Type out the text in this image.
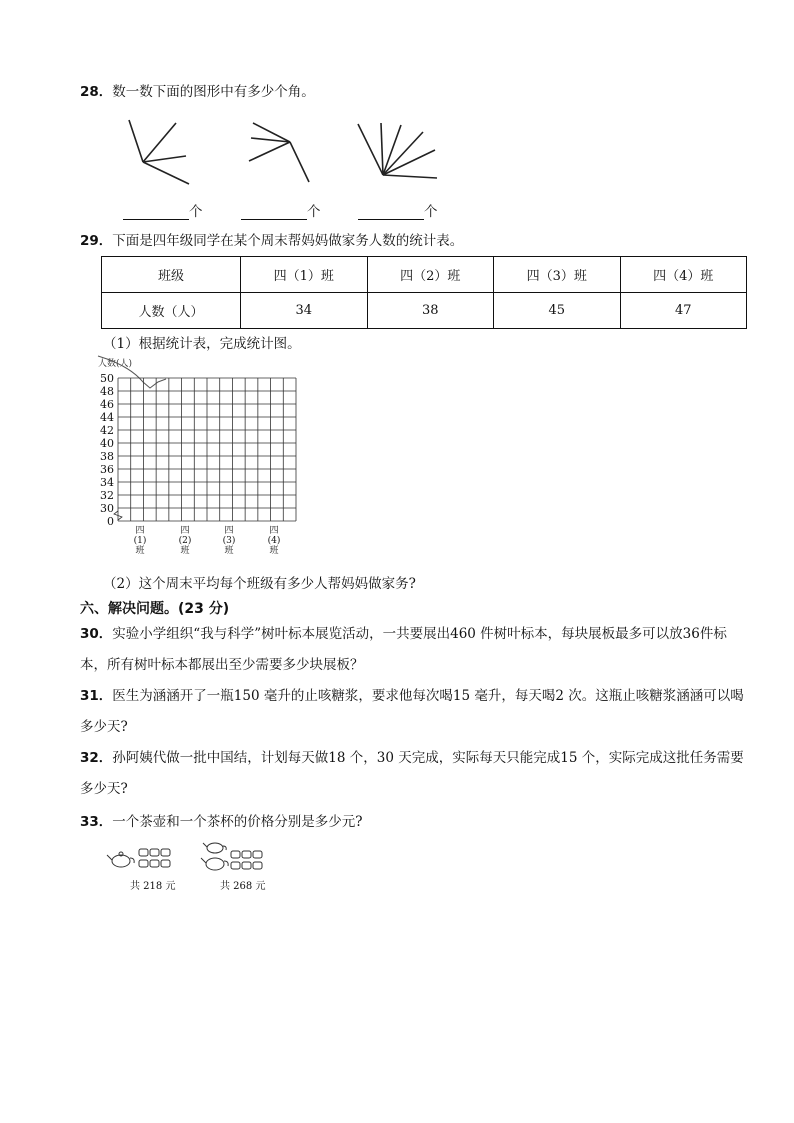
28．数一数下面的图形中有多少个角。
个	个	个
29．下面是四年级同学在某个周末帮妈妈做家务人数的统计表。
班级	四（1）班	四（2）班	四（3）班	四（4）班
人数（人）	34	38	45	47
（1）根据统计表，完成统计图。
人数(人)
50
48
46
44
42
40
38
36
34
32
30
0
四
(1)
班
四
(2)
班
四
(3)
班
四
(4)
班
（2）这个周末平均每个班级有多少人帮妈妈做家务?
六、解决问题。(23 分)
30．实验小学组织“我与科学”树叶标本展览活动，一共要展出460 件树叶标本，每块展板最多可以放36件标本，所有树叶标本都展出至少需要多少块展板？
31．医生为涵涵开了一瓶150 毫升的止咳糖浆，要求他每次喝15 毫升，每天喝2 次。这瓶止咳糖浆涵涵可以喝多少天?
32．孙阿姨代做一批中国结，计划每天做18 个，30 天完成，实际每天只能完成15 个，实际完成这批任务需要多少天?
33．一个茶壶和一个茶杯的价格分别是多少元?
共 218 元	共 268 元
